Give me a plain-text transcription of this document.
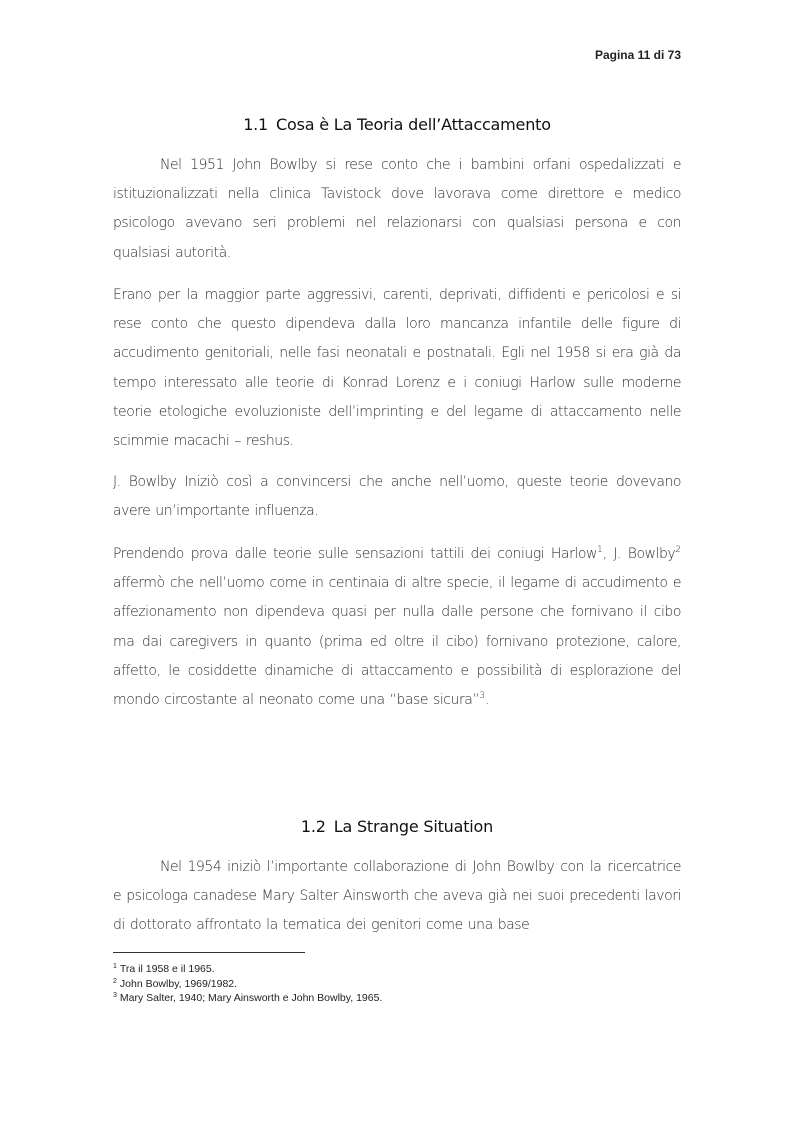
Pagina 11 di 73
1.1 Cosa è La Teoria dell’Attaccamento

Nel 1951 John Bowlby si rese conto che i bambini orfani ospedalizzati e istituzionalizzati nella clinica Tavistock dove lavorava come direttore e medico psicologo avevano seri problemi nel relazionarsi con qualsiasi persona e con qualsiasi autorità.

Erano per la maggior parte aggressivi, carenti, deprivati, diffidenti e pericolosi e si rese conto che questo dipendeva dalla loro mancanza infantile delle figure di accudimento genitoriali, nelle fasi neonatali e postnatali. Egli nel 1958 si era già da tempo interessato alle teorie di Konrad Lorenz e i coniugi Harlow sulle moderne teorie etologiche evoluzioniste dell’imprinting e del legame di attaccamento nelle scimmie macachi – reshus.

J. Bowlby Iniziò così a convincersi che anche nell’uomo, queste teorie dovevano avere un’importante influenza.

Prendendo prova dalle teorie sulle sensazioni tattili dei coniugi Harlow$^1$, J. Bowlby$^2$ affermò che nell’uomo come in centinaia di altre specie, il legame di accudimento e affezionamento non dipendeva quasi per nulla dalle persone che fornivano il cibo ma dai caregivers in quanto (prima ed oltre il cibo) fornivano protezione, calore, affetto, le cosiddette dinamiche di attaccamento e possibilità di esplorazione del mondo circostante al neonato come una “base sicura”$^3$.

1.2 La Strange Situation

Nel 1954 iniziò l’importante collaborazione di John Bowlby con la ricercatrice e psicologa canadese Mary Salter Ainsworth che aveva già nei suoi precedenti lavori di dottorato affrontato la tematica dei genitori come una base

$^1$ Tra il 1958 e il 1965.
$^2$ John Bowlby, 1969/1982.
$^3$ Mary Salter, 1940; Mary Ainsworth e John Bowlby, 1965.
